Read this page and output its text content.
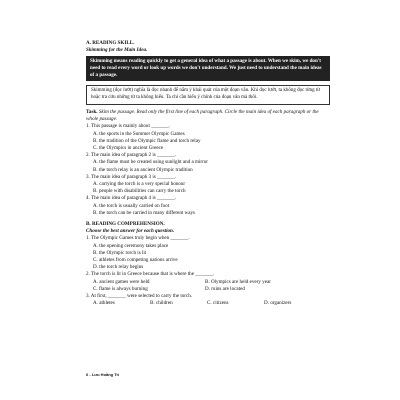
A. READING SKILL.
Skimming for the Main Idea.
Skimming means reading quickly to get a general idea of what a passage is about. When we skim, we don't need to read every word or look up words we don't understand. We just need to understand the main ideas of a passage.
Skimming (đọc lướt) nghĩa là đọc nhanh để nắm ý khái quát của một đoạn văn. Khi đọc lướt, ta không đọc từng từ hoặc tra cứu những từ ta không hiểu. Ta chỉ cần hiểu ý chính của đoạn văn mà thôi.
Task. Skim the passage. Read only the first line of each paragraph. Circle the main idea of each paragraph or the whole passage.
1. This passage is mainly about _______.
A. the sports in the Summer Olympic Games
B. the tradition of the Olympic flame and torch relay
C. the Olympics in ancient Greece
2. The main idea of paragraph 2 is _______.
A. the flame must be created using sunlight and a mirror
B. the torch relay is an ancient Olympic tradition
3. The main idea of paragraph 3 is _______.
A. carrying the torch is a very special honour
B. people with disabilities can carry the torch
4. The main idea of paragraph 4 is _______.
A. the torch is usually carried on foot
B. the torch can be carried in many different ways
B. READING COMPREHENSION.
Choose the best answer for each question.
1. The Olympic Games truly begin when _______.
A. the opening ceremony takes place
B. the Olympic torch is lit
C. athletes from competing nations arrive
D. the torch relay begins
2. The torch is lit in Greece because that is where the _______.
A. ancient games were held	B. Olympics are held every year
C. flame is always burning	D. ruins are located
3. At first, _______ were selected to carry the torch.
A. athletes	B. children	C. citizens	D. organizers
6 - Lưu Hoằng Trí
